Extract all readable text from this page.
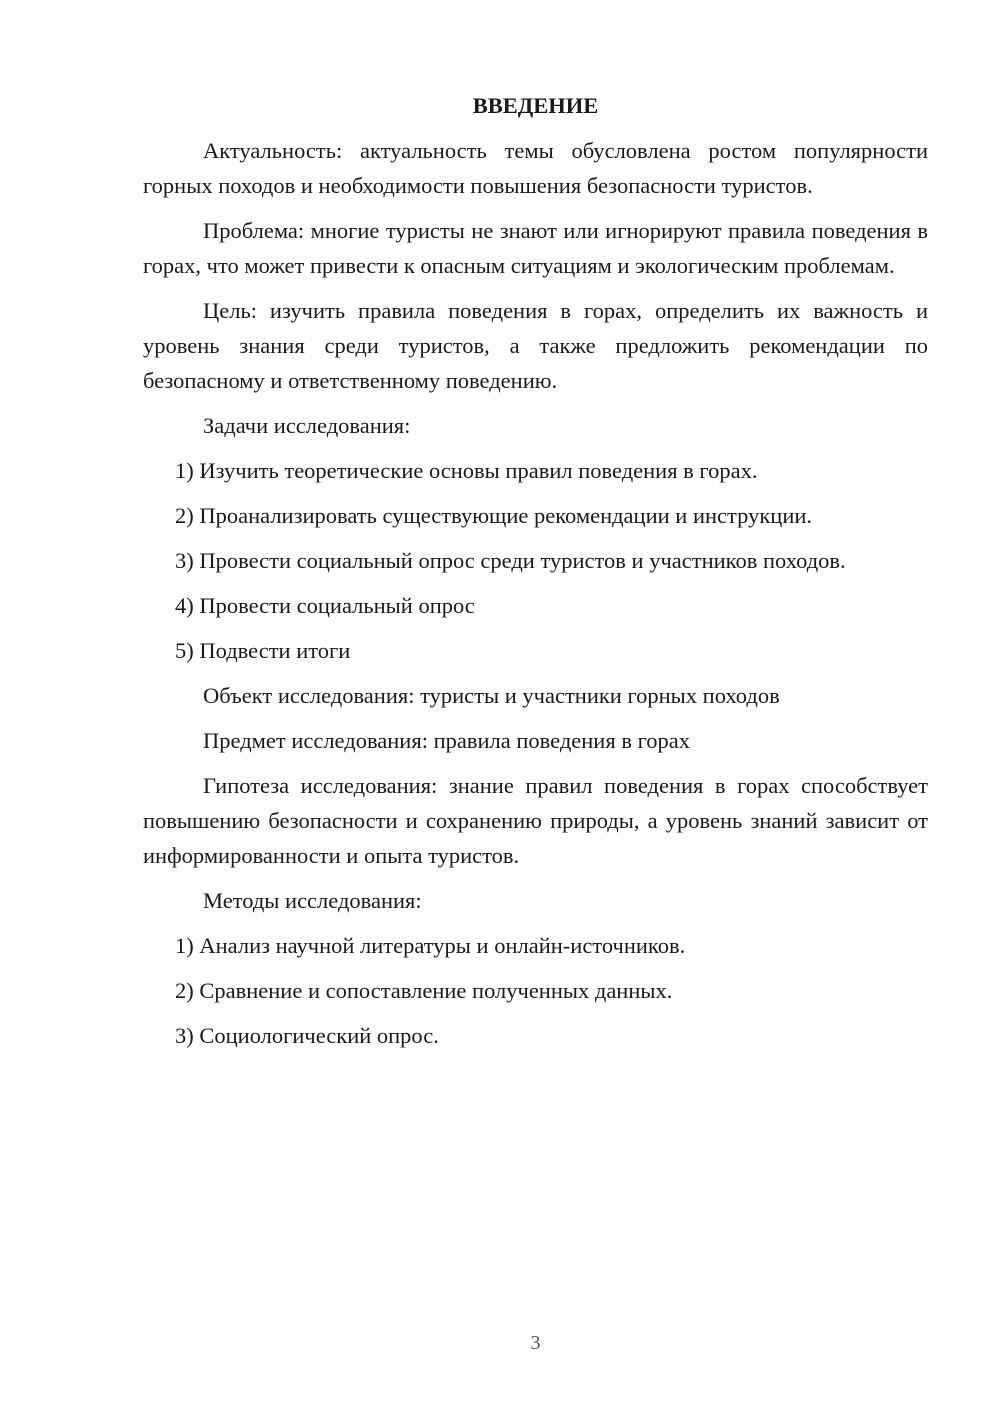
ВВЕДЕНИЕ

Актуальность: актуальность темы обусловлена ростом популярности горных походов и необходимости повышения безопасности туристов.

Проблема: многие туристы не знают или игнорируют правила поведения в горах, что может привести к опасным ситуациям и экологическим проблемам.

Цель: изучить правила поведения в горах, определить их важность и уровень знания среди туристов, а также предложить рекомендации по безопасному и ответственному поведению.

Задачи исследования:

1) Изучить теоретические основы правил поведения в горах.

2) Проанализировать существующие рекомендации и инструкции.

3) Провести социальный опрос среди туристов и участников походов.

4) Провести социальный опрос

5) Подвести итоги

Объект исследования: туристы и участники горных походов

Предмет исследования: правила поведения в горах

Гипотеза исследования: знание правил поведения в горах способствует повышению безопасности и сохранению природы, а уровень знаний зависит от информированности и опыта туристов.

Методы исследования:

1) Анализ научной литературы и онлайн-источников.

2) Сравнение и сопоставление полученных данных.

3) Социологический опрос.

3
